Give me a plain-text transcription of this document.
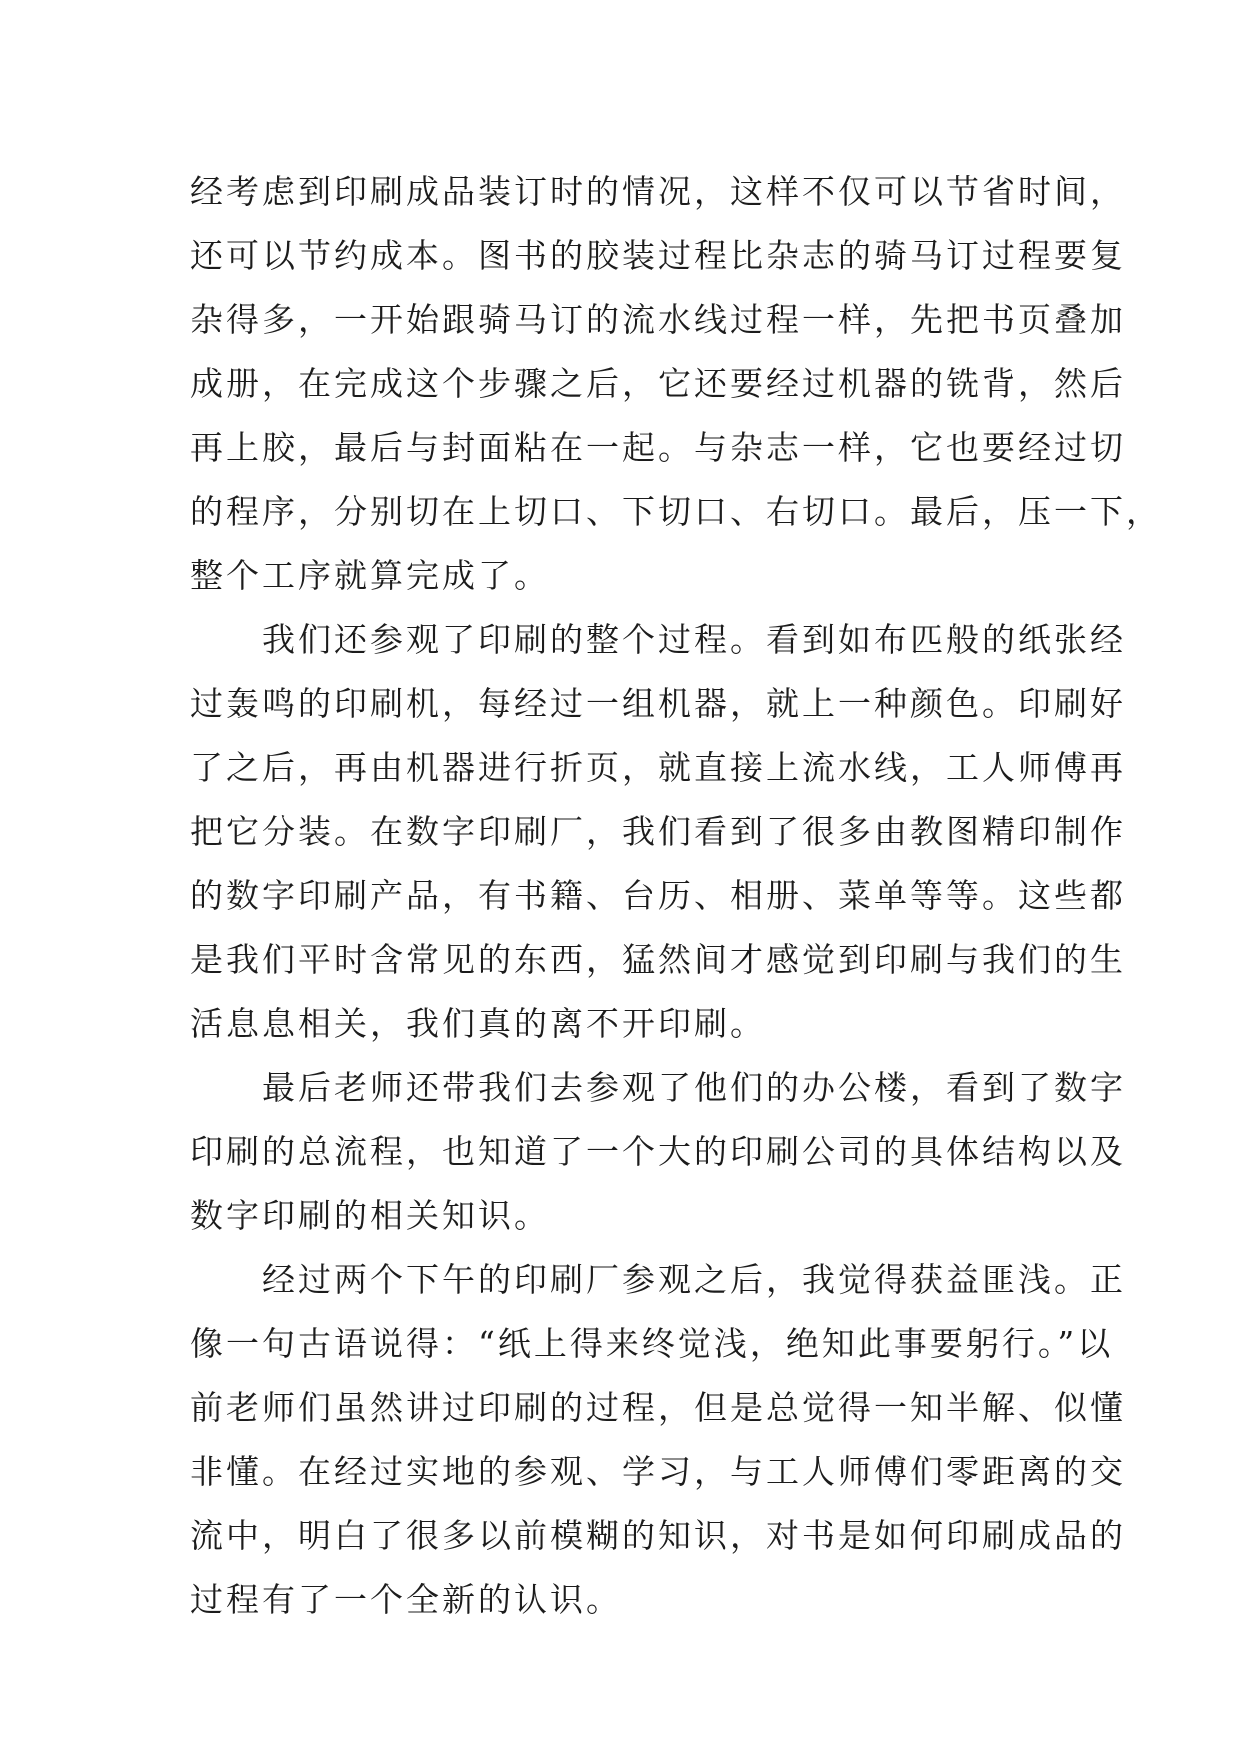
经考虑到印刷成品装订时的情况，这样不仅可以节省时间，
还可以节约成本。图书的胶装过程比杂志的骑马订过程要复
杂得多，一开始跟骑马订的流水线过程一样，先把书页叠加
成册，在完成这个步骤之后，它还要经过机器的铣背，然后
再上胶，最后与封面粘在一起。与杂志一样，它也要经过切
的程序，分别切在上切口、下切口、右切口。最后，压一下，
整个工序就算完成了。
我们还参观了印刷的整个过程。看到如布匹般的纸张经
过轰鸣的印刷机，每经过一组机器，就上一种颜色。印刷好
了之后，再由机器进行折页，就直接上流水线，工人师傅再
把它分装。在数字印刷厂，我们看到了很多由教图精印制作
的数字印刷产品，有书籍、台历、相册、菜单等等。这些都
是我们平时含常见的东西，猛然间才感觉到印刷与我们的生
活息息相关，我们真的离不开印刷。
最后老师还带我们去参观了他们的办公楼，看到了数字
印刷的总流程，也知道了一个大的印刷公司的具体结构以及
数字印刷的相关知识。
经过两个下午的印刷厂参观之后，我觉得获益匪浅。正
像一句古语说得：“纸上得来终觉浅，绝知此事要躬行。”以
前老师们虽然讲过印刷的过程，但是总觉得一知半解、似懂
非懂。在经过实地的参观、学习，与工人师傅们零距离的交
流中，明白了很多以前模糊的知识，对书是如何印刷成品的
过程有了一个全新的认识。
